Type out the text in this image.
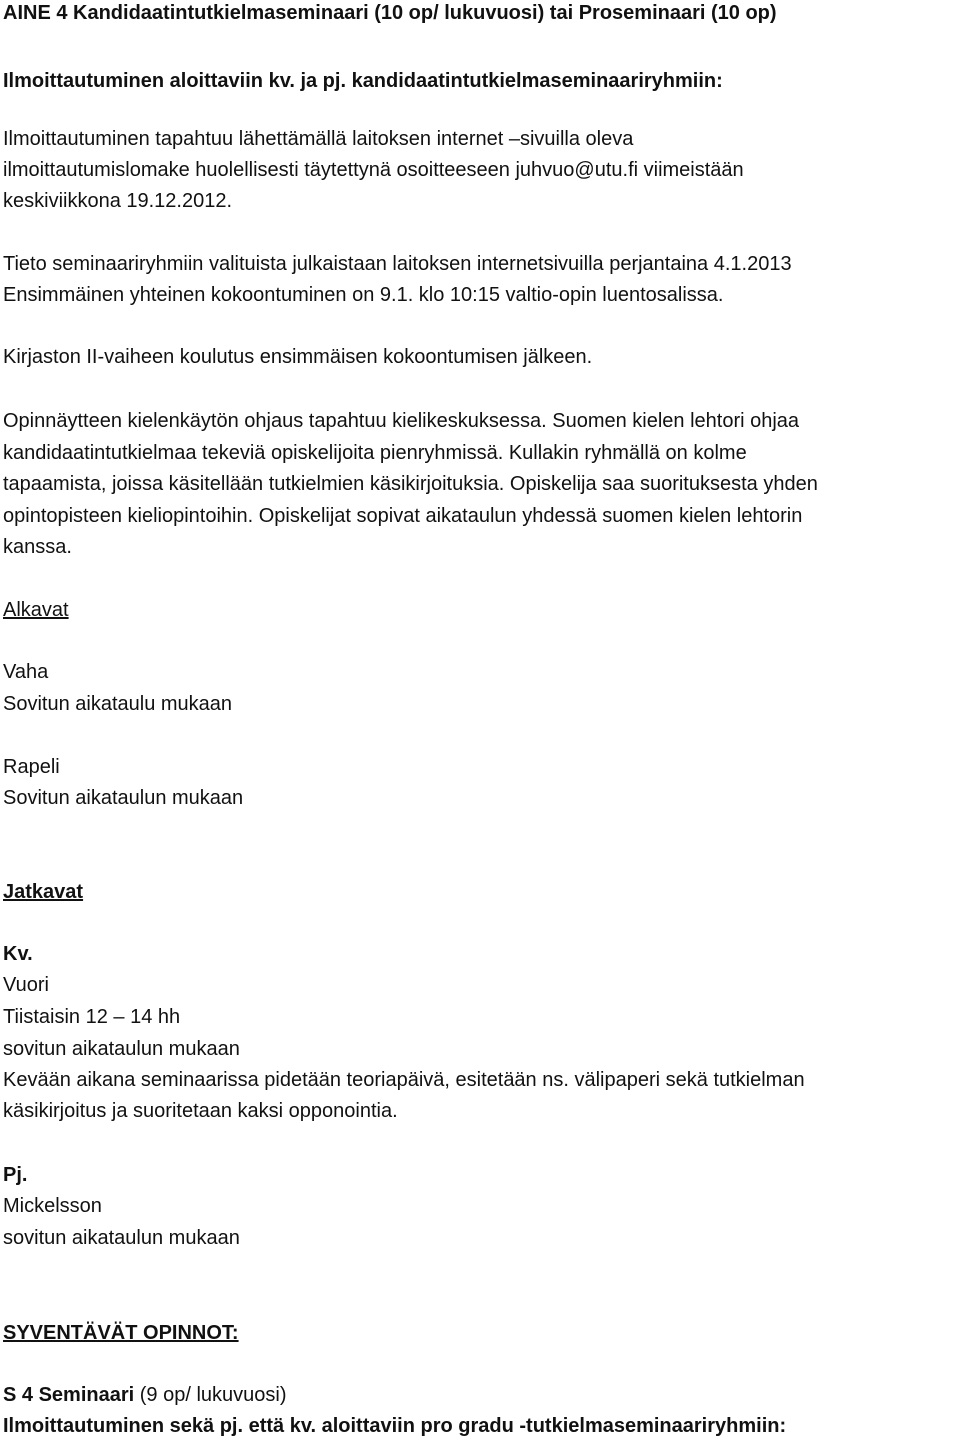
AINE 4 Kandidaatintutkielmaseminaari (10 op/ lukuvuosi) tai Proseminaari (10 op)
Ilmoittautuminen aloittaviin kv. ja pj. kandidaatintutkielmaseminaariryhmiin:
Ilmoittautuminen tapahtuu lähettämällä laitoksen internet –sivuilla oleva
ilmoittautumislomake huolellisesti täytettynä osoitteeseen juhvuo@utu.fi viimeistään
keskiviikkona 19.12.2012.
Tieto seminaariryhmiin valituista julkaistaan laitoksen internetsivuilla perjantaina 4.1.2013
Ensimmäinen yhteinen kokoontuminen on 9.1. klo 10:15 valtio-opin luentosalissa.
Kirjaston II-vaiheen koulutus ensimmäisen kokoontumisen jälkeen.
Opinnäytteen kielenkäytön ohjaus tapahtuu kielikeskuksessa. Suomen kielen lehtori ohjaa
kandidaatintutkielmaa tekeviä opiskelijoita pienryhmissä. Kullakin ryhmällä on kolme
tapaamista, joissa käsitellään tutkielmien käsikirjoituksia. Opiskelija saa suorituksesta yhden
opintopisteen kieliopintoihin. Opiskelijat sopivat aikataulun yhdessä suomen kielen lehtorin
kanssa.
Alkavat
Vaha
Sovitun aikataulu mukaan
Rapeli
Sovitun aikataulun mukaan
Jatkavat
Kv.
Vuori
Tiistaisin 12 – 14 hh
sovitun aikataulun mukaan
Kevään aikana seminaarissa pidetään teoriapäivä, esitetään ns. välipaperi sekä tutkielman
käsikirjoitus ja suoritetaan kaksi opponointia.
Pj.
Mickelsson
sovitun aikataulun mukaan
SYVENTÄVÄT OPINNOT:
S 4 Seminaari (9 op/ lukuvuosi)
Ilmoittautuminen sekä pj. että kv. aloittaviin pro gradu -tutkielmaseminaariryhmiin:
